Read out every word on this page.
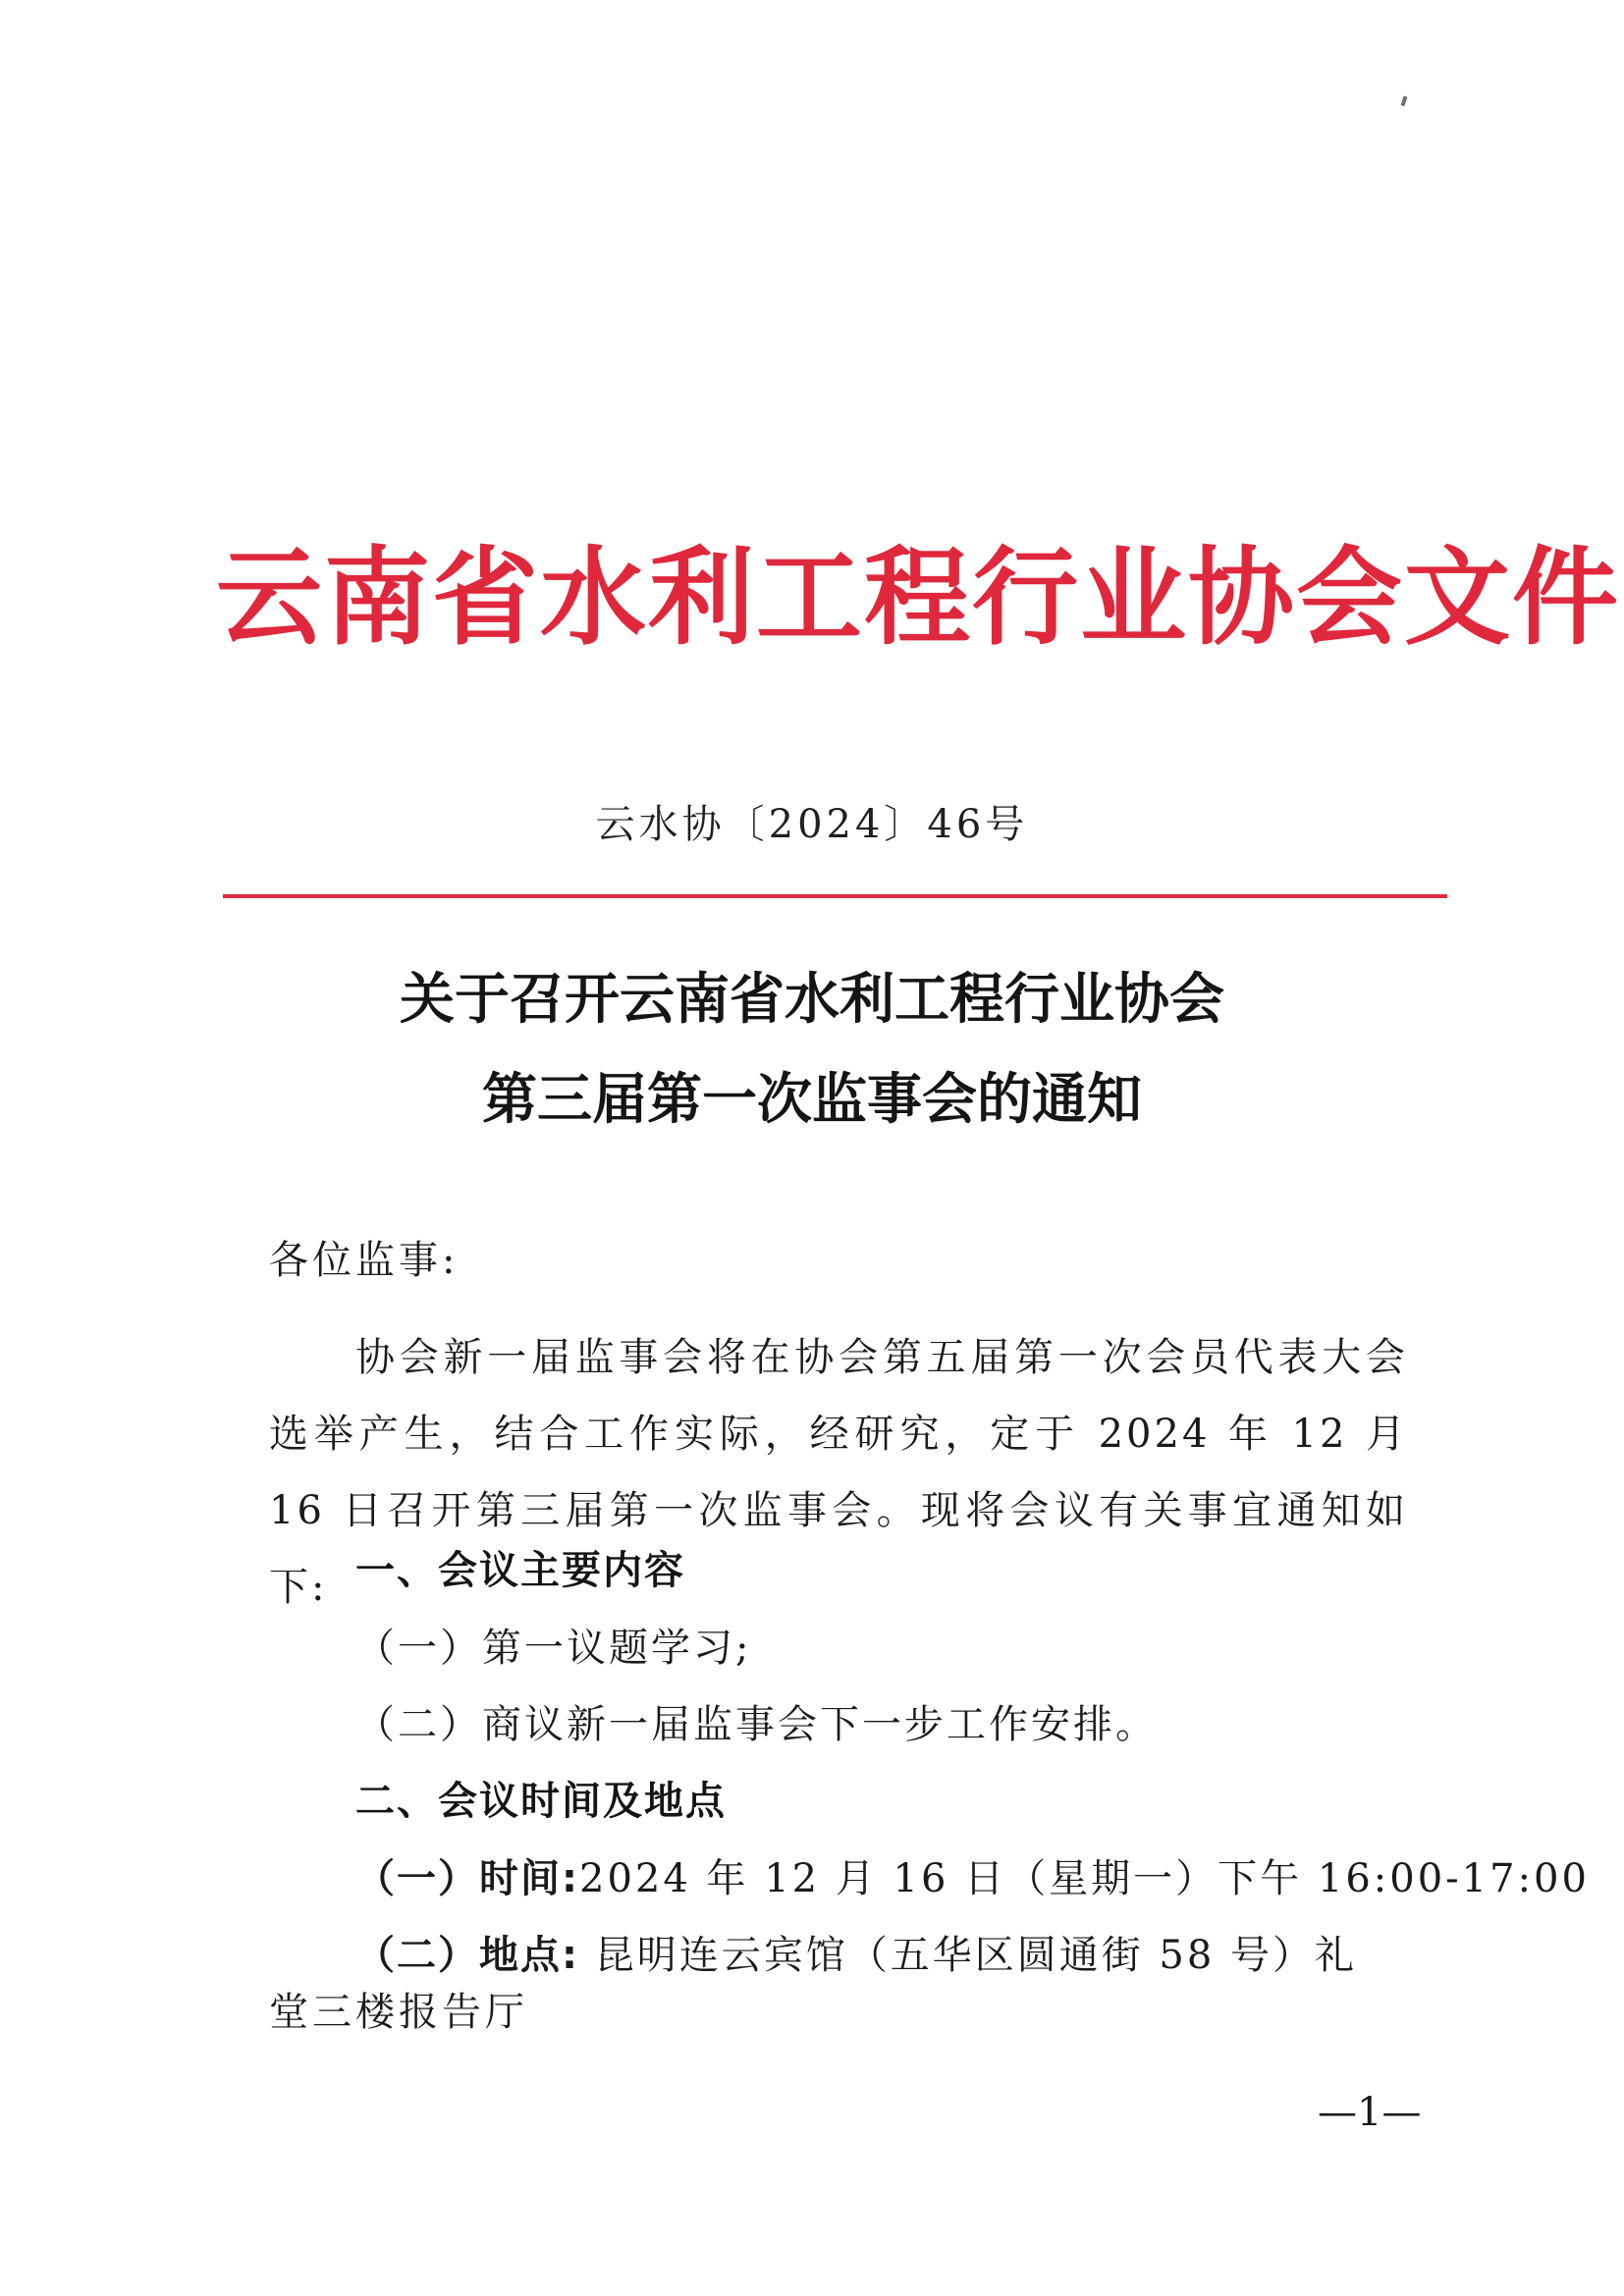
云南省水利工程行业协会文件
云水协〔2024〕46号
关于召开云南省水利工程行业协会
第三届第一次监事会的通知
各位监事:
协会新一届监事会将在协会第五届第一次会员代表大会选举产生，结合工作实际，经研究，定于 2024 年 12 月 16 日召开第三届第一次监事会。现将会议有关事宜通知如下: 一、会议主要内容
（一）第一议题学习;
（二）商议新一届监事会下一步工作安排。
二、会议时间及地点
（一）时间:2024 年 12 月 16 日（星期一）下午 16:00-17:00
（二）地点: 昆明连云宾馆（五华区圆通街 58 号）礼
堂三楼报告厅
—1—
